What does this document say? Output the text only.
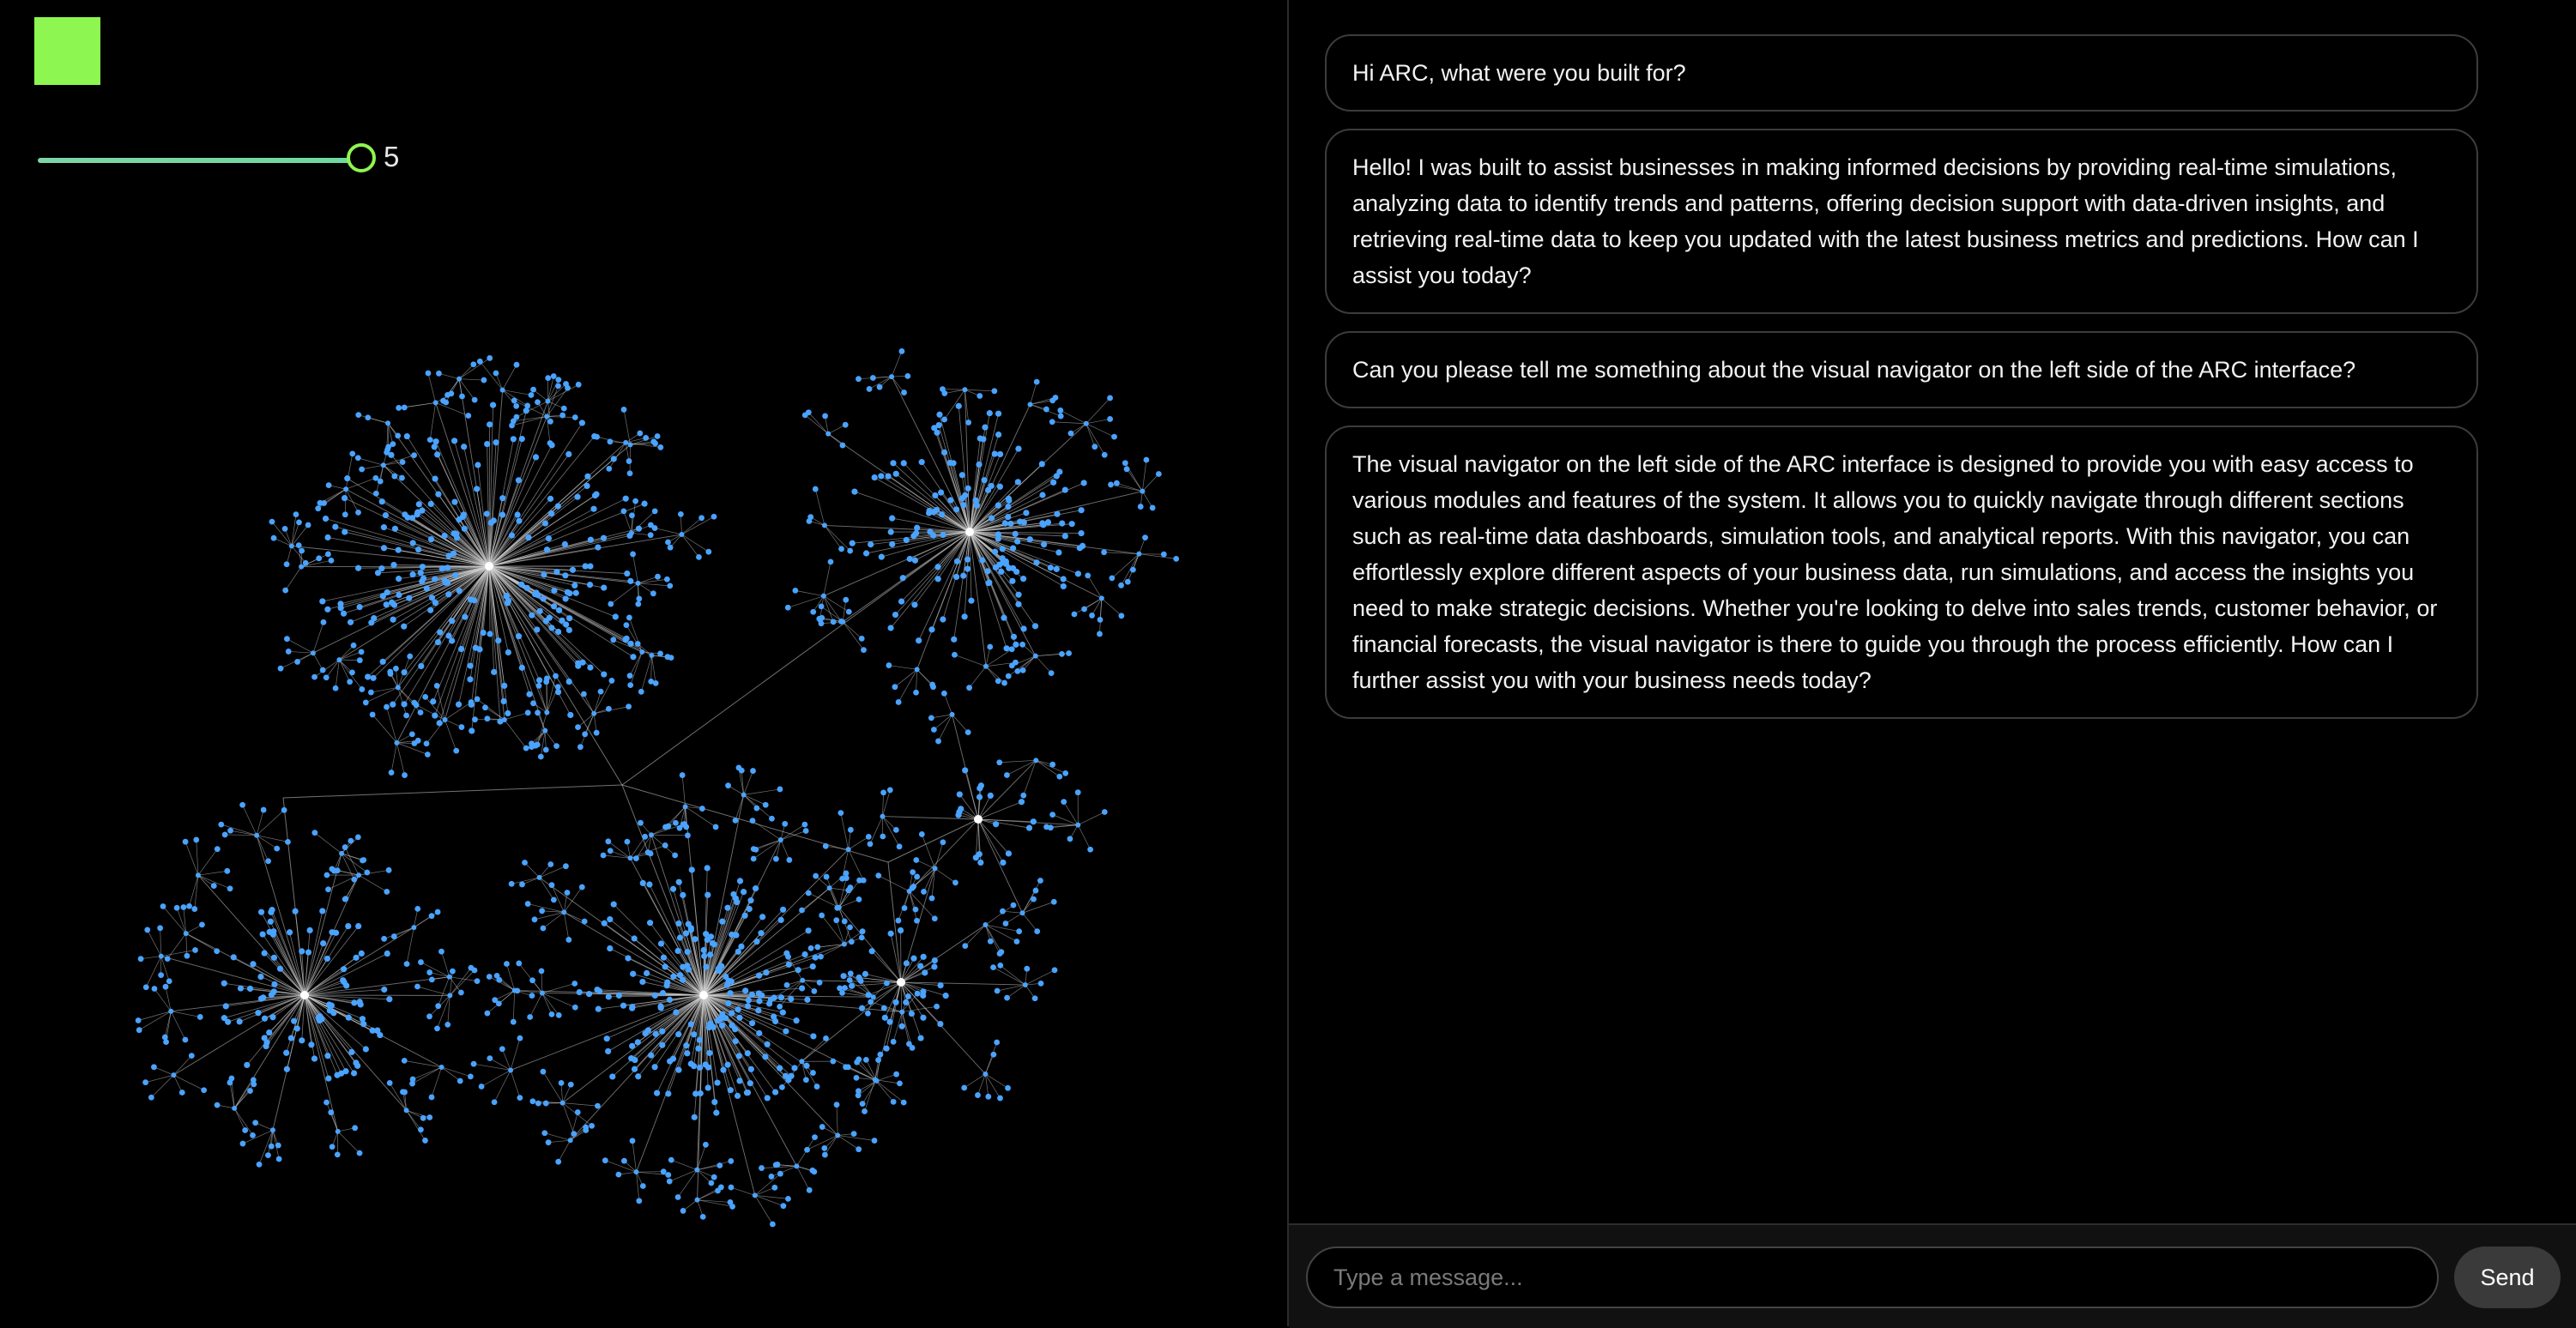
5
Hi ARC, what were you built for?
Hello! I was built to assist businesses in making informed decisions by providing real-time simulations, analyzing data to identify trends and patterns, offering decision support with data-driven insights, and retrieving real-time data to keep you updated with the latest business metrics and predictions. How can I assist you today?
Can you please tell me something about the visual navigator on the left side of the ARC interface?
The visual navigator on the left side of the ARC interface is designed to provide you with easy access to various modules and features of the system. It allows you to quickly navigate through different sections such as real-time data dashboards, simulation tools, and analytical reports. With this navigator, you can effortlessly explore different aspects of your business data, run simulations, and access the insights you need to make strategic decisions. Whether you're looking to delve into sales trends, customer behavior, or financial forecasts, the visual navigator is there to guide you through the process efficiently. How can I further assist you with your business needs today?
Type a message...
Send
